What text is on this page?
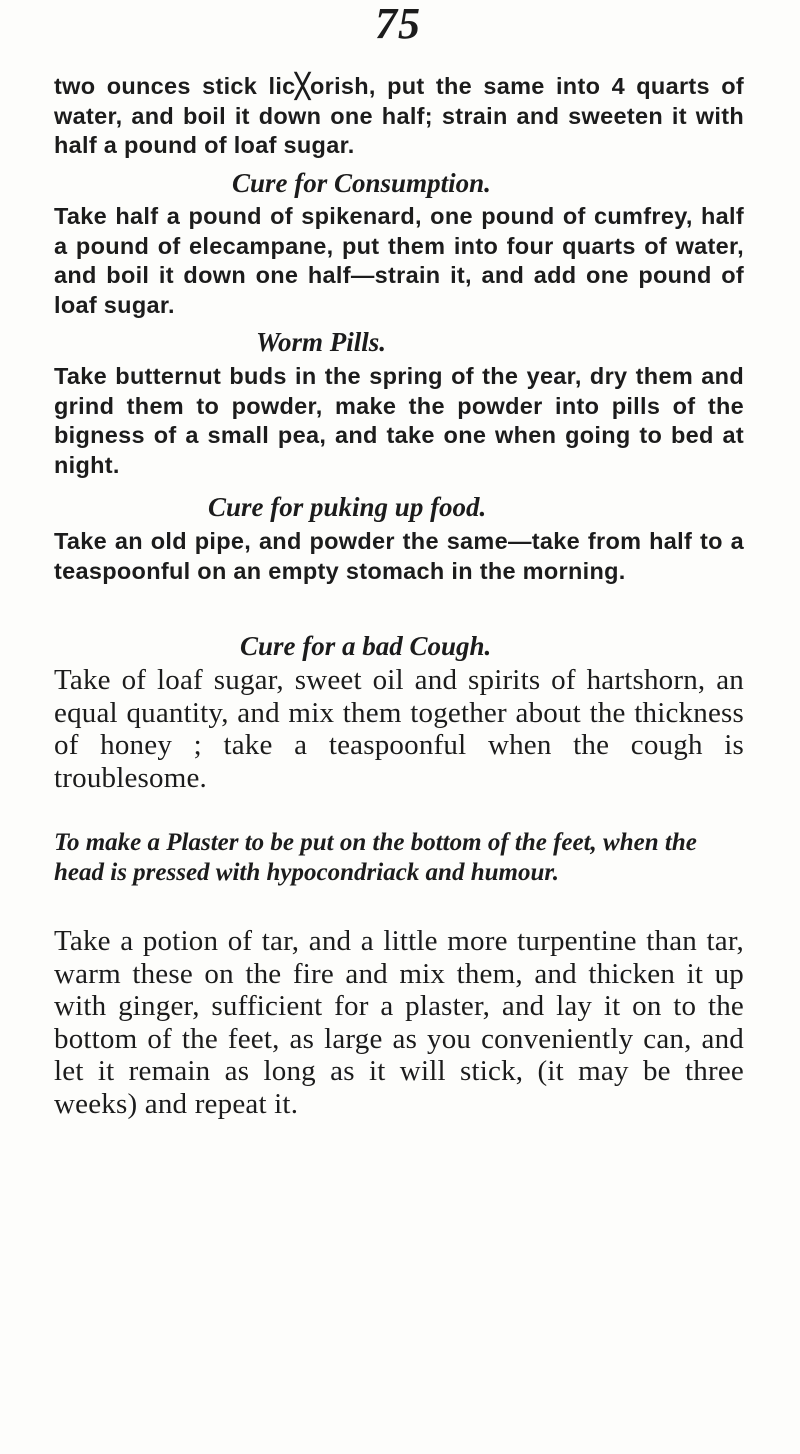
75

two ounces stick lic╳orish, put the same into 4 quarts of water, and boil it down one half; strain and sweeten it with half a pound of loaf sugar.

Cure for Consumption.

Take half a pound of spikenard, one pound of cumfrey, half a pound of elecampane, put them into four quarts of water, and boil it down one half—strain it, and add one pound of loaf sugar.

Worm Pills.

Take butternut buds in the spring of the year, dry them and grind them to powder, make the powder into pills of the bigness of a small pea, and take one when going to bed at night.

Cure for puking up food.

Take an old pipe, and powder the same—take from half to a teaspoonful on an empty stomach in the morning.

Cure for a bad Cough.

Take of loaf sugar, sweet oil and spirits of hartshorn, an equal quantity, and mix them together about the thickness of honey ; take a teaspoonful when the cough is troublesome.

To make a Plaster to be put on the bottom of the feet, when the head is pressed with hypocondriack and humour.

Take a potion of tar, and a little more turpentine than tar, warm these on the fire and mix them, and thicken it up with ginger, sufficient for a plaster, and lay it on to the bottom of the feet, as large as you conveniently can, and let it remain as long as it will stick, (it may be three weeks) and repeat it.
